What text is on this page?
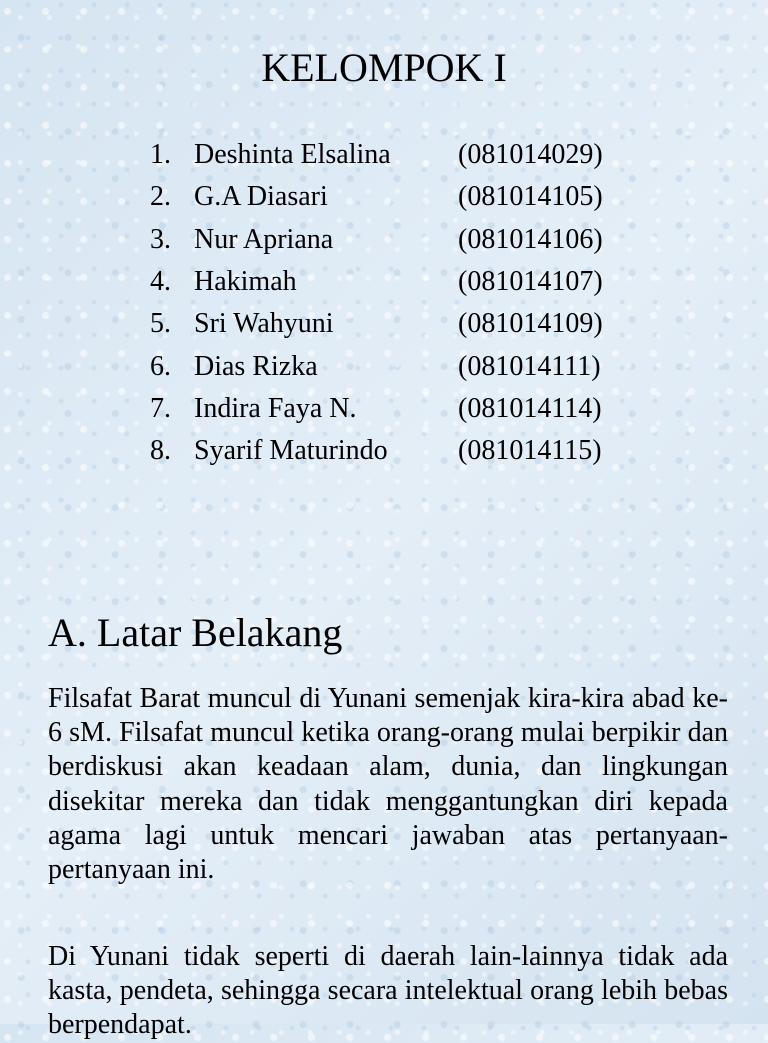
KELOMPOK I
1. Deshinta Elsalina	(081014029)
2. G.A Diasari	(081014105)
3. Nur Apriana	(081014106)
4. Hakimah	(081014107)
5. Sri Wahyuni	(081014109)
6. Dias Rizka	(081014111)
7. Indira Faya N.	(081014114)
8. Syarif Maturindo	(081014115)
A. Latar Belakang

Filsafat Barat muncul di Yunani semenjak kira-kira abad ke-6 sM. Filsafat muncul ketika orang-orang mulai berpikir dan berdiskusi akan keadaan alam, dunia, dan lingkungan disekitar mereka dan tidak menggantungkan diri kepada agama lagi untuk mencari jawaban atas pertanyaan-pertanyaan ini.

Di Yunani tidak seperti di daerah lain-lainnya tidak ada kasta, pendeta, sehingga secara intelektual orang lebih bebas berpendapat.
